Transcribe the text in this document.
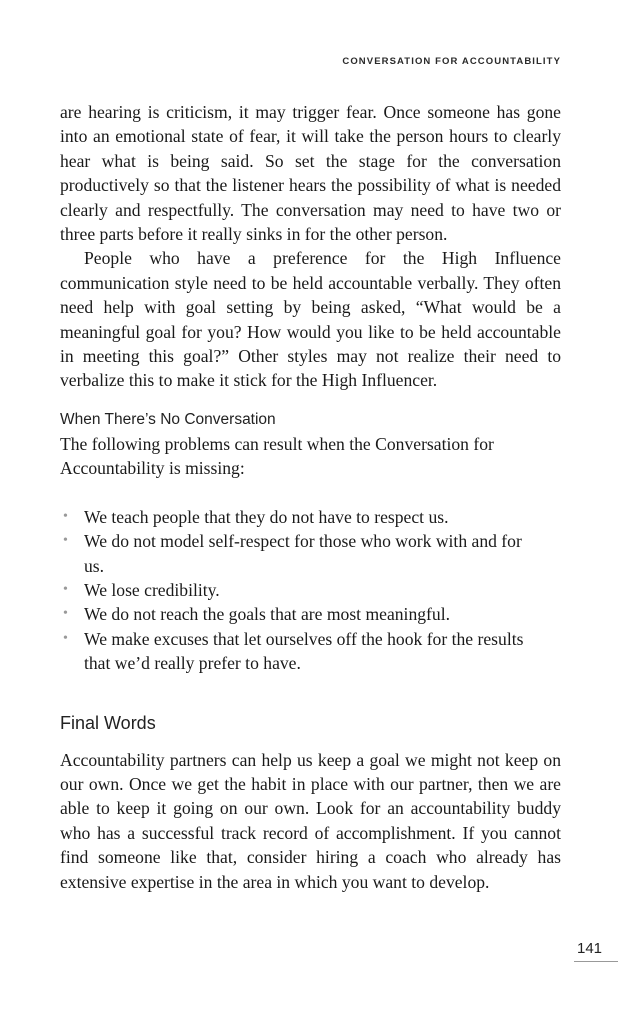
CONVERSATION FOR ACCOUNTABILITY

are hearing is criticism, it may trigger fear. Once someone has gone into an emotional state of fear, it will take the person hours to clearly hear what is being said. So set the stage for the conversation productively so that the listener hears the possibility of what is needed clearly and respectfully. The conversation may need to have two or three parts before it really sinks in for the other person.

People who have a preference for the High Influence communication style need to be held accountable verbally. They often need help with goal setting by being asked, “What would be a meaningful goal for you? How would you like to be held accountable in meeting this goal?” Other styles may not realize their need to verbalize this to make it stick for the High Influencer.

When There’s No Conversation

The following problems can result when the Conversation for Accountability is missing:

• We teach people that they do not have to respect us.
• We do not model self-respect for those who work with and for us.
• We lose credibility.
• We do not reach the goals that are most meaningful.
• We make excuses that let ourselves off the hook for the results that we’d really prefer to have.
Final Words

Accountability partners can help us keep a goal we might not keep on our own. Once we get the habit in place with our partner, then we are able to keep it going on our own. Look for an accountability buddy who has a successful track record of accomplishment. If you cannot find someone like that, consider hiring a coach who already has extensive expertise in the area in which you want to develop.

141
